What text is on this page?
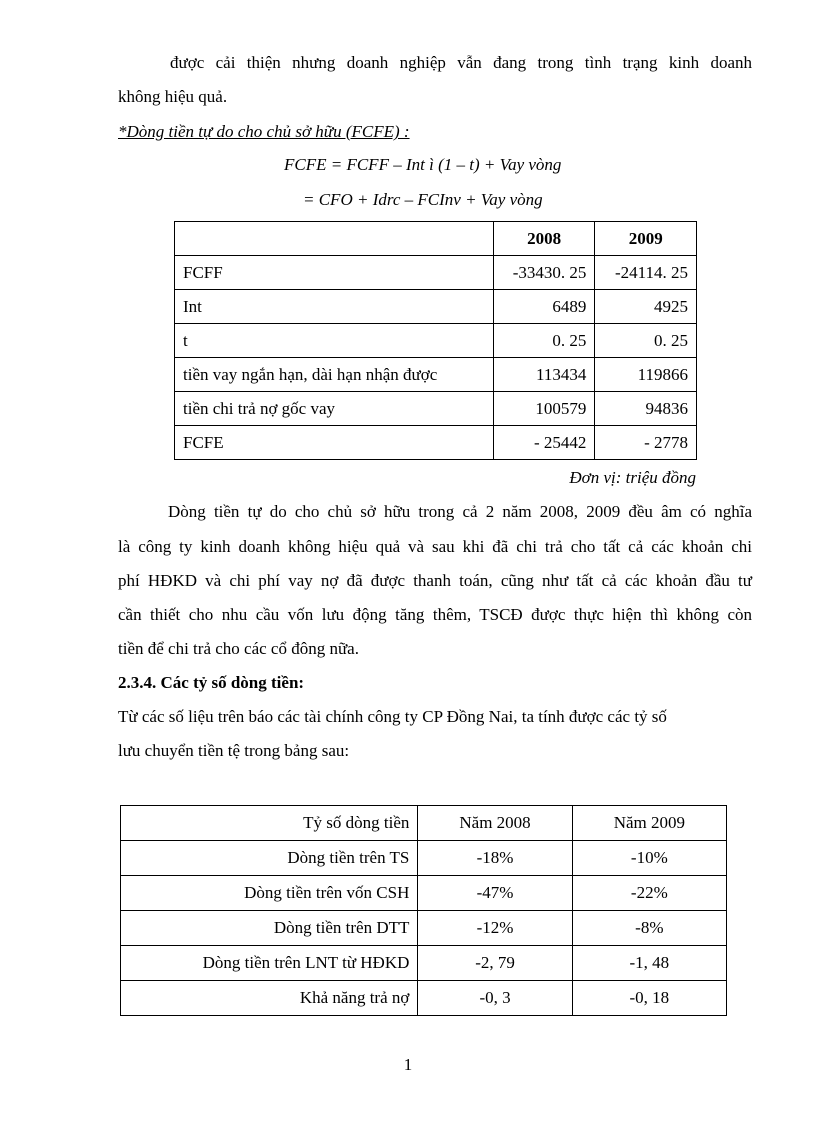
được cải thiện nhưng doanh nghiệp vẫn đang trong tình trạng kinh doanh
không hiệu quả.
*Dòng tiền tự do cho chủ sở hữu (FCFE) :
FCFE = FCFF – Int ì (1 – t) + Vay vòng
= CFO + Idrc – FCInv + Vay vòng
	2008	2009
FCFF	-33430. 25	-24114. 25
Int	6489	4925
t	0. 25	0. 25
tiền vay ngắn hạn, dài hạn nhận được	113434	119866
tiền chi trả nợ gốc vay	100579	94836
FCFE	- 25442	- 2778
Đơn vị: triệu đồng
Dòng tiền tự do cho chủ sở hữu trong cả 2 năm 2008, 2009 đều âm có nghĩa
là công ty kinh doanh không hiệu quả và sau khi đã chi trả cho tất cả các khoản chi
phí HĐKD và chi phí vay nợ đã được thanh toán, cũng như tất cả các khoản đầu tư
cần thiết cho nhu cầu vốn lưu động tăng thêm, TSCĐ được thực hiện thì không còn
tiền để chi trả cho các cổ đông nữa.
2.3.4. Các tỷ số dòng tiền:
Từ các số liệu trên báo các tài chính công ty CP Đồng Nai, ta tính được các tỷ số
lưu chuyển tiền tệ trong bảng sau:
Tỷ số dòng tiền	Năm 2008	Năm 2009
Dòng tiền trên TS	-18%	-10%
Dòng tiền trên vốn CSH	-47%	-22%
Dòng tiền trên DTT	-12%	-8%
Dòng tiền trên LNT từ HĐKD	-2, 79	-1, 48
Khả năng trả nợ	-0, 3	-0, 18
1
